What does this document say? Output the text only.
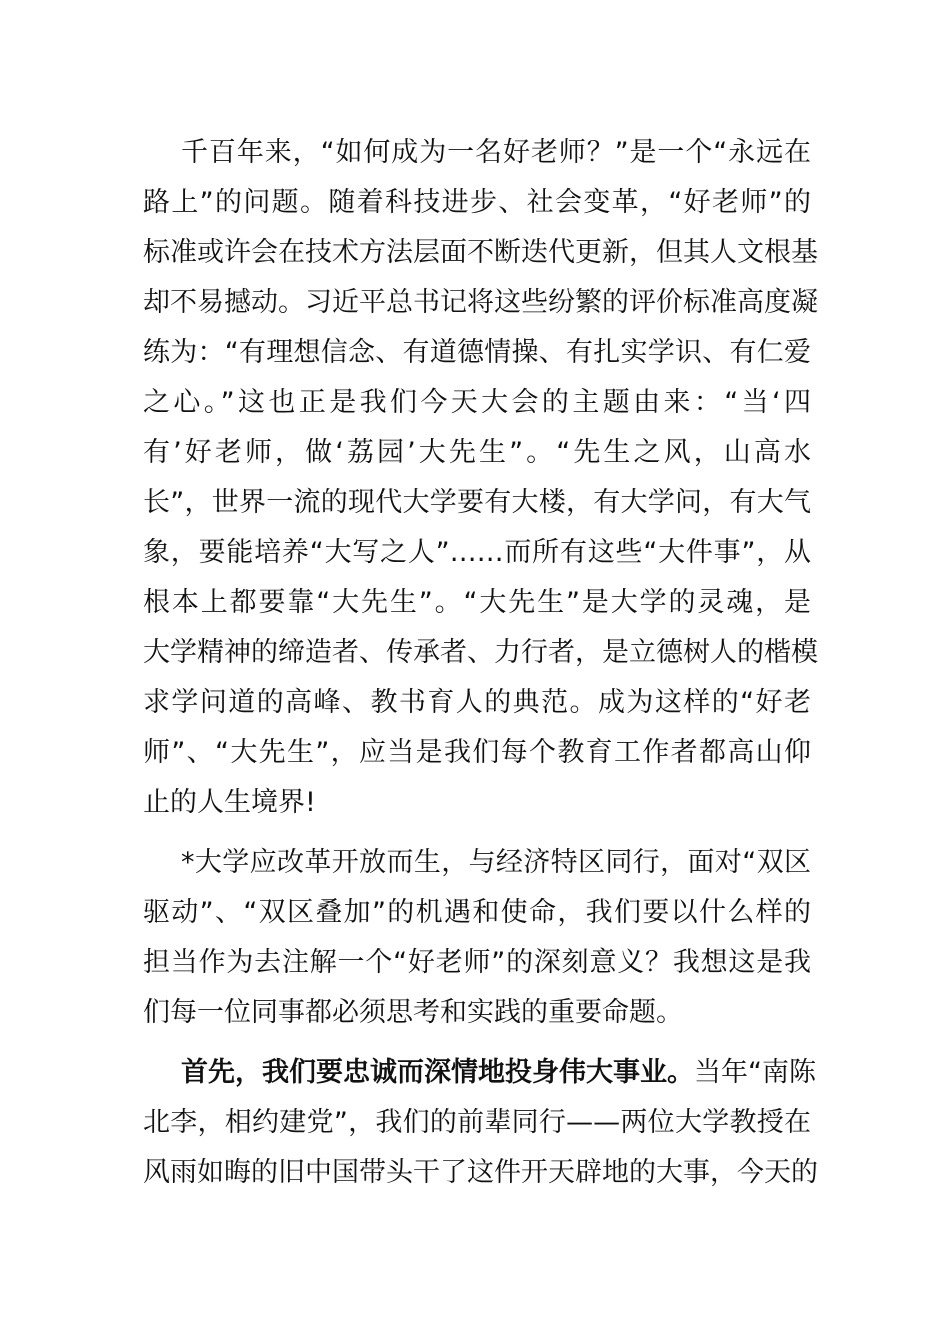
千百年来，“如何成为一名好老师？”是一个“永远在
路上”的问题。随着科技进步、社会变革，“好老师”的
标准或许会在技术方法层面不断迭代更新，但其人文根基
却不易撼动。习近平总书记将这些纷繁的评价标准高度凝
练为：“有理想信念、有道德情操、有扎实学识、有仁爱
之心。”这也正是我们今天大会的主题由来：“当‘四
有’好老师，做‘荔园’大先生”。“先生之风，山高水
长”，世界一流的现代大学要有大楼，有大学问，有大气
象，要能培养“大写之人”……而所有这些“大件事”，从
根本上都要靠“大先生”。“大先生”是大学的灵魂，是
大学精神的缔造者、传承者、力行者，是立德树人的楷模
求学问道的高峰、教书育人的典范。成为这样的“好老
师”、“大先生”，应当是我们每个教育工作者都高山仰
止的人生境界!
*大学应改革开放而生，与经济特区同行，面对“双区
驱动”、“双区叠加”的机遇和使命，我们要以什么样的
担当作为去注解一个“好老师”的深刻意义？我想这是我
们每一位同事都必须思考和实践的重要命题。
首先，我们要忠诚而深情地投身伟大事业。当年“南陈
北李，相约建党”，我们的前辈同行——两位大学教授在
风雨如晦的旧中国带头干了这件开天辟地的大事，今天的
